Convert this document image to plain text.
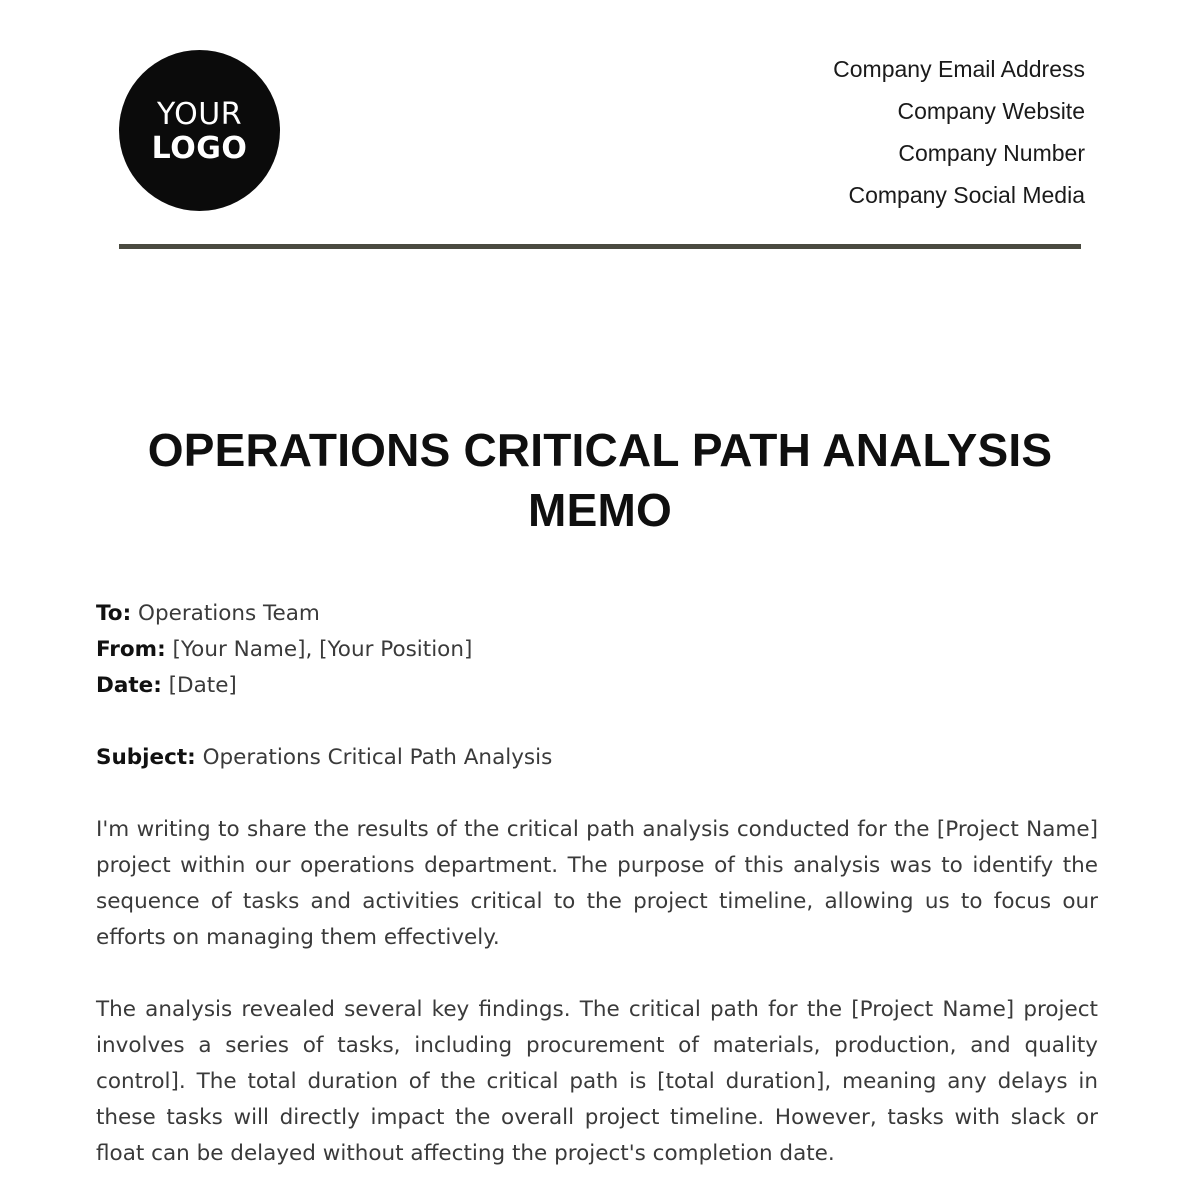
YOUR
LOGO
Company Email Address
Company Website
Company Number
Company Social Media
OPERATIONS CRITICAL PATH ANALYSIS MEMO
To: Operations Team
From: [Your Name], [Your Position]
Date: [Date]
Subject: Operations Critical Path Analysis
I'm writing to share the results of the critical path analysis conducted for the [Project Name] project within our operations department. The purpose of this analysis was to identify the sequence of tasks and activities critical to the project timeline, allowing us to focus our efforts on managing them effectively.
The analysis revealed several key findings. The critical path for the [Project Name] project involves a series of tasks, including procurement of materials, production, and quality control]. The total duration of the critical path is [total duration], meaning any delays in these tasks will directly impact the overall project timeline. However, tasks with slack or float can be delayed without affecting the project's completion date.
